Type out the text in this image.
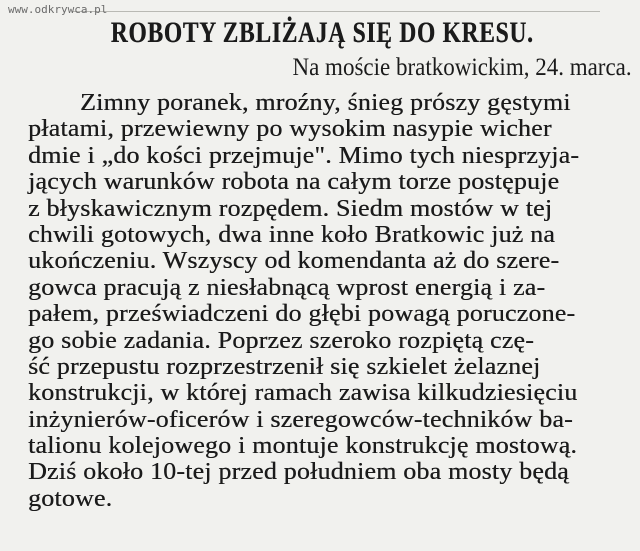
www.odkrywca.pl
ROBOTY ZBLIŻAJĄ SIĘ DO KRESU.
Na moście bratkowickim, 24. marca.
Zimny poranek, mroźny, śnieg prószy gęstymi
płatami, przewiewny po wysokim nasypie wicher
dmie i „do kości przejmuje". Mimo tych niesprzyja-
jących warunków robota na całym torze postępuje
z błyskawicznym rozpędem. Siedm mostów w tej
chwili gotowych, dwa inne koło Bratkowic już na
ukończeniu. Wszyscy od komendanta aż do szere-
gowca pracują z niesłabnącą wprost energią i za-
pałem, przeświadczeni do głębi powagą poruczone-
go sobie zadania. Poprzez szeroko rozpiętą czę-
ść przepustu rozprzestrzenił się szkielet żelaznej
konstrukcji, w której ramach zawisa kilkudziesięciu
inżynierów-oficerów i szeregowców-techników ba-
talionu kolejowego i montuje konstrukcję mostową.
Dziś około 10-tej przed południem oba mosty będą
gotowe.
